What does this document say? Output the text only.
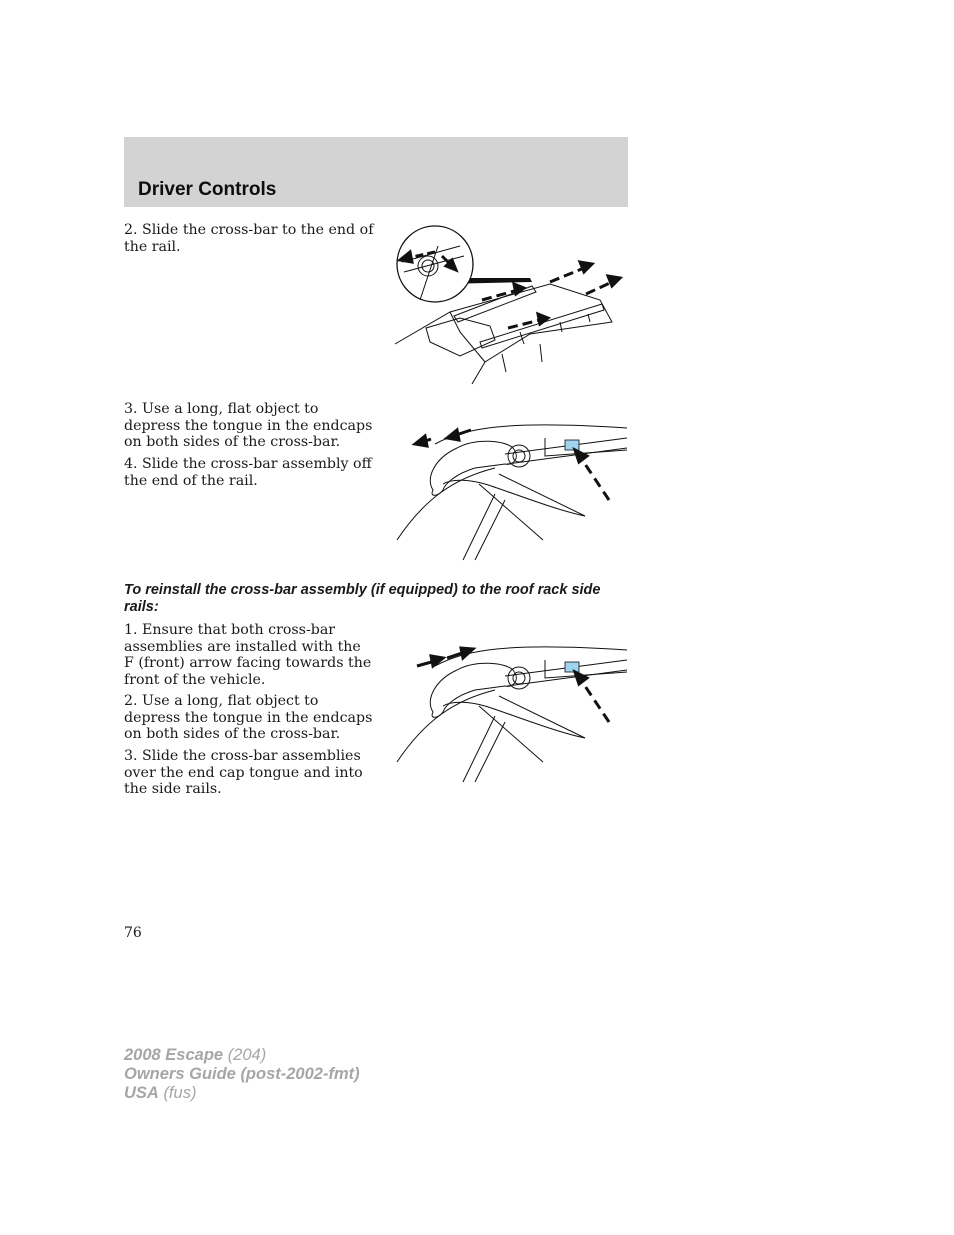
Driver Controls

2. Slide the cross-bar to the end of the rail.

3. Use a long, flat object to depress the tongue in the endcaps on both sides of the cross-bar.

4. Slide the cross-bar assembly off the end of the rail.

To reinstall the cross-bar assembly (if equipped) to the roof rack side rails:

1. Ensure that both cross-bar assemblies are installed with the F (front) arrow facing towards the front of the vehicle.

2. Use a long, flat object to depress the tongue in the endcaps on both sides of the cross-bar.

3. Slide the cross-bar assemblies over the end cap tongue and into the side rails.

76
2008 Escape (204)
Owners Guide (post-2002-fmt)
USA (fus)
